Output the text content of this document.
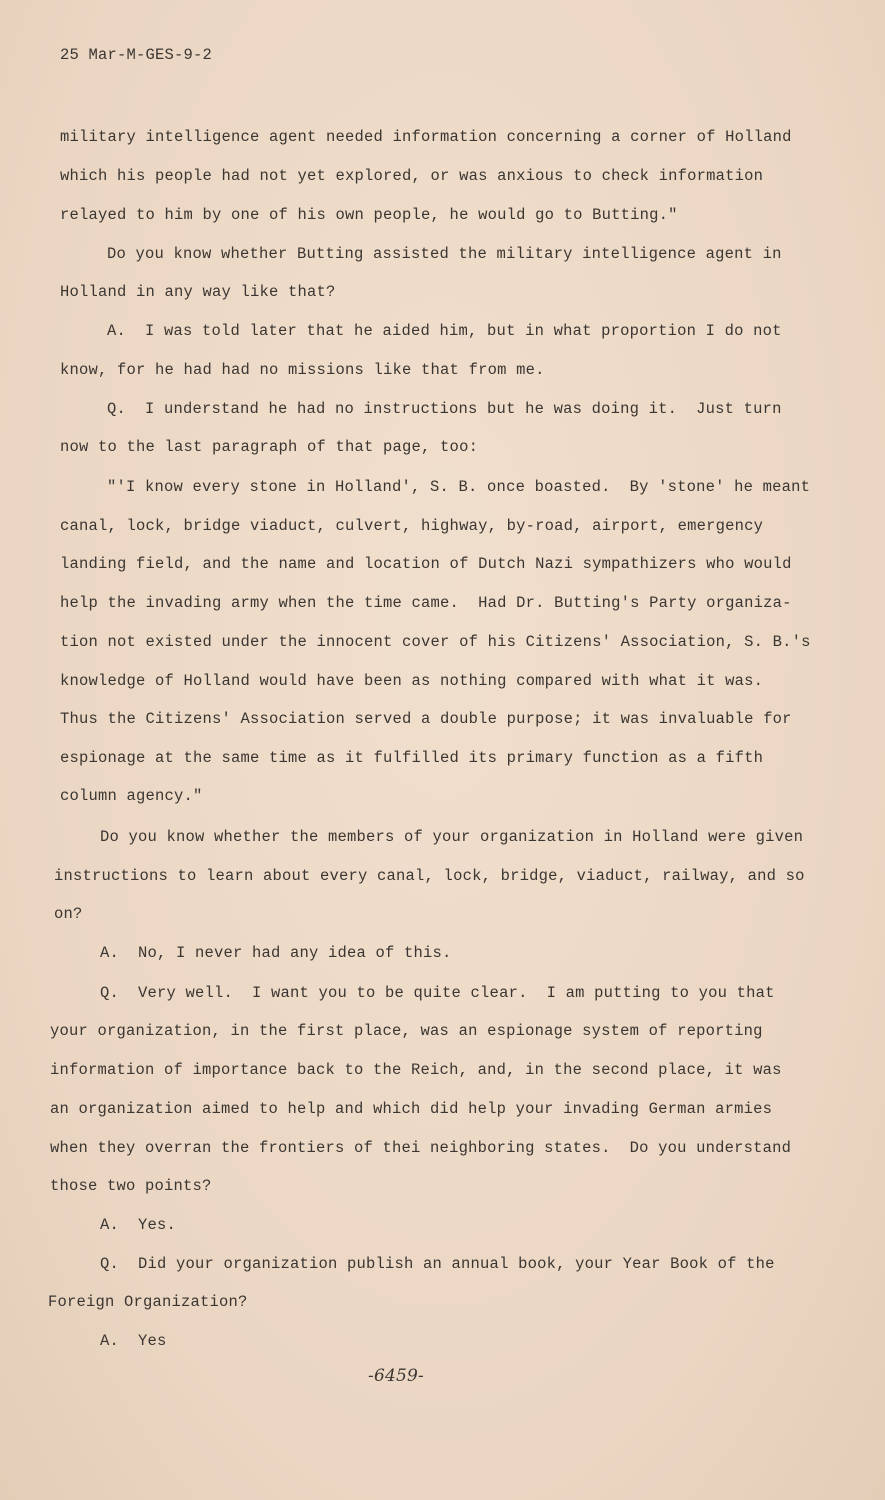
25 Mar-M-GES-9-2
military intelligence agent needed information concerning a corner of Holland
which his people had not yet explored, or was anxious to check information
relayed to him by one of his own people, he would go to Butting."
Do you know whether Butting assisted the military intelligence agent in
Holland in any way like that?
A.  I was told later that he aided him, but in what proportion I do not
know, for he had had no missions like that from me.
Q.  I understand he had no instructions but he was doing it.  Just turn
now to the last paragraph of that page, too:
"'I know every stone in Holland', S. B. once boasted.  By 'stone' he meant
canal, lock, bridge viaduct, culvert, highway, by-road, airport, emergency
landing field, and the name and location of Dutch Nazi sympathizers who would
help the invading army when the time came.  Had Dr. Butting's Party organiza-
tion not existed under the innocent cover of his Citizens' Association, S. B.'s
knowledge of Holland would have been as nothing compared with what it was.
Thus the Citizens' Association served a double purpose; it was invaluable for
espionage at the same time as it fulfilled its primary function as a fifth
column agency."
Do you know whether the members of your organization in Holland were given
instructions to learn about every canal, lock, bridge, viaduct, railway, and so
on?
A.  No, I never had any idea of this.
Q.  Very well.  I want you to be quite clear.  I am putting to you that
your organization, in the first place, was an espionage system of reporting
information of importance back to the Reich, and, in the second place, it was
an organization aimed to help and which did help your invading German armies
when they overran the frontiers of thei neighboring states.  Do you understand
those two points?
A.  Yes.
Q.  Did your organization publish an annual book, your Year Book of the
Foreign Organization?
A.  Yes
-6459-
